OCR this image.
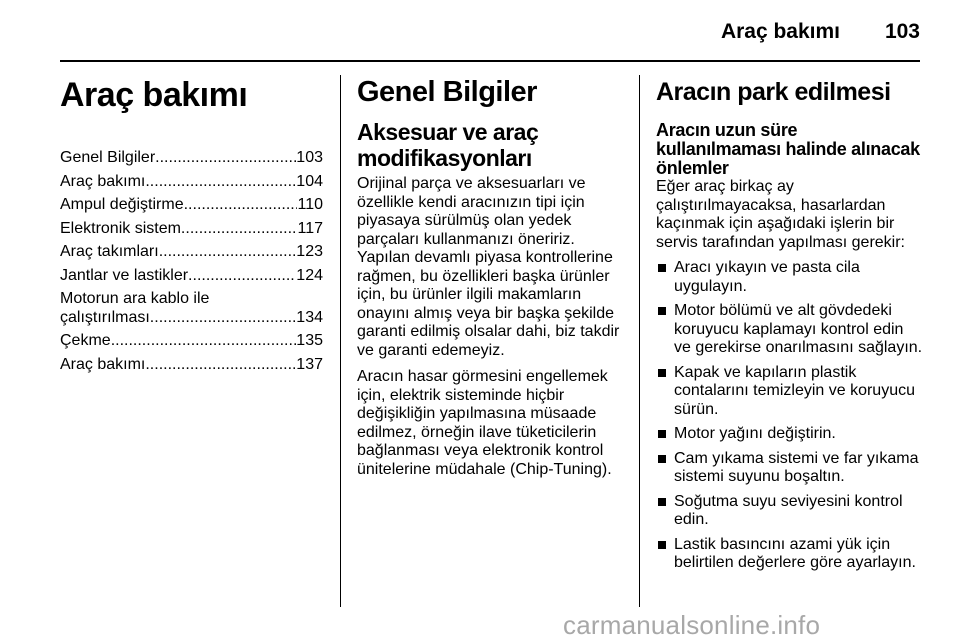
Araç bakımı 103
Araç bakımı
Genel Bilgiler .....	103
Araç bakımı .....	104
Ampul değiştirme .....	110
Elektronik sistem .....	117
Araç takımları .....	123
Jantlar ve lastikler .....	124
Motorun ara kablo ile
çalıştırılması .....	134
Çekme .....	135
Araç bakımı .....	137
Genel Bilgiler
Aksesuar ve araç modifikasyonları

Orijinal parça ve aksesuarları ve özellikle kendi aracınızın tipi için piyasaya sürülmüş olan yedek parçaları kullanmanızı öneririz. Yapılan devamlı piyasa kontrollerine rağmen, bu özellikleri başka ürünler için, bu ürünler ilgili makamların onayını almış veya bir başka şekilde garanti edilmiş olsalar dahi, biz takdir ve garanti edemeyiz.

Aracın hasar görmesini engellemek için, elektrik sisteminde hiçbir değişikliğin yapılmasına müsaade edilmez, örneğin ilave tüketicilerin bağlanması veya elektronik kontrol ünitelerine müdahale (Chip-Tuning).

Aracın park edilmesi
Aracın uzun süre kullanılmaması halinde alınacak önlemler

Eğer araç birkaç ay çalıştırılmayacaksa, hasarlardan kaçınmak için aşağıdaki işlerin bir servis tarafından yapılması gerekir:

Aracı yıkayın ve pasta cila uygulayın.
Motor bölümü ve alt gövdedeki koruyucu kaplamayı kontrol edin ve gerekirse onarılmasını sağlayın.
Kapak ve kapıların plastik contalarını temizleyin ve koruyucu sürün.
Motor yağını değiştirin.
Cam yıkama sistemi ve far yıkama sistemi suyunu boşaltın.
Soğutma suyu seviyesini kontrol edin.
Lastik basıncını azami yük için belirtilen değerlere göre ayarlayın.
carmanualsonline.info
